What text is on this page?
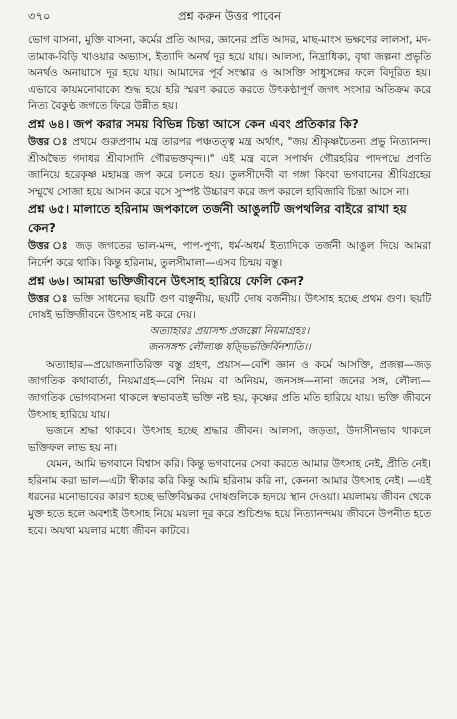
৩৭০	প্রশ্ন করুন উত্তর পাবেন

ভোগ বাসনা, মুক্তি বাসনা, কর্মের প্রতি আদর, জ্ঞানের প্রতি আদর, মাছ-মাংস ভক্ষণের লালসা, মদ-তামাক-বিড়ি খাওয়ার অভ্যাস, ইত্যাদি অনর্থ দূর হয়ে যায়। আলস্য, নিদ্রাধিক্য, বৃথা জল্পনা প্রভৃতি অনর্থও অনায়াসে দূর হয়ে যায়। আমাদের পূর্ব সংস্কার ও আসক্তি সাধুসঙ্গের ফলে বিদূরিত হয়। এভাবে কায়মনোবাক্যে শুদ্ধ হয়ে হরি স্মরণ করতে করতে উৎকণ্ঠাপূর্ণ জগৎ সংসার অতিক্রম করে নিত্য বৈকুণ্ঠ জগতে ফিরে উন্নীত হয়।

প্রশ্ন ৬৪। জপ করার সময় বিভিন্ন চিন্তা আসে কেন এবং প্রতিকার কি?

উত্তর ঃ প্রথমে গুরুপ্রণাম মন্ত্র তারপর পঞ্চতত্ত্ব মন্ত্র অর্থাৎ, "জয় শ্রীকৃষ্ণচৈতন্য প্রভু নিত্যানন্দ। শ্রীঅদ্বৈত গদাধর শ্রীবাসাদি গৌরভক্তবৃন্দ।।" এই মন্ত্র বলে সপার্ষদ গৌরহরির পাদপদ্মে প্রণতি জানিয়ে হরেকৃষ্ণ মহামন্ত্র জপ করে চলতে হয়। তুলসীদেবী বা গঙ্গা কিংবা ভগবানের শ্রীবিগ্রহের সম্মুখে সোজা হয়ে আসন করে বসে সুস্পষ্ট উচ্চারণ করে জপ করলে হাবিজাবি চিন্তা আসে না।

প্রশ্ন ৬৫। মালাতে হরিনাম জপকালে তর্জনী আঙুলটি জপথলির বাইরে রাখা হয় কেন?

উত্তর ঃ জড় জগতের ভাল-মন্দ, পাপ-পুণ্য, ধর্ম-অধর্ম ইত্যাদিকে তর্জনী আঙুল দিয়ে আমরা নির্দেশ করে থাকি। কিন্তু হরিনাম, তুলসীমালা—এসব চিন্ময় বস্তু।

প্রশ্ন ৬৬। আমরা ভক্তিজীবনে উৎসাহ হারিয়ে ফেলি কেন?

উত্তর ঃ ভক্তি সাধনের ছয়টি গুণ বাঞ্ছনীয়, ছয়টি দোষ বর্জনীয়। উৎসাহ হচ্ছে প্রথম গুণ। ছয়টি দোষই ভক্তিজীবনে উৎসাহ নষ্ট করে দেয়।

অত্যাহারঃ প্রয়াসশ্চ প্রজল্পো নিয়মাগ্রহঃ।

জনসঙ্গশ্চ লৌল্যঞ্চ ষড়্ভির্ভক্তির্বিনশ্যতি।।

অত্যাহার—প্রয়োজনাতিরিক্ত বস্তু গ্রহণ, প্রয়াস—বেশি জ্ঞান ও কর্মে আসক্তি, প্রজল্প—জড় জাগতিক কথাবার্তা, নিয়মাগ্রহ—বেশি নিয়ম বা অনিয়ম, জনসঙ্গ—নানা জনের সঙ্গ, লৌল্য—জাগতিক ভোগবাসনা থাকলে স্বভাবতই ভক্তি নষ্ট হয়, কৃষ্ণের প্রতি মতি হারিয়ে যায়। ভক্তি জীবনে উৎসাহ হারিয়ে যায়।

ভজনে শ্রদ্ধা থাকবে। উৎসাহ হচ্ছে শ্রদ্ধার জীবন। আলস্য, জড়তা, উদাসীনভাব থাকলে ভক্তিফল লাভ হয় না।

যেমন, আমি ভগবানে বিশ্বাস করি। কিন্তু ভগবানের সেবা করতে আমার উৎসাহ নেই, প্রীতি নেই। হরিনাম করা ভাল—এটা স্বীকার করি কিন্তু আমি হরিনাম করি না, কেননা আমার উৎসাহ নেই। —এই ধরনের মনোভাবের কারণ হচ্ছে ভক্তিবিঘ্নকর দোষগুলিকে হৃদয়ে স্থান দেওয়া। ময়লাময় জীবন থেকে মুক্ত হতে হলে অবশ্যই উৎসাহ নিয়ে ময়লা দূর করে শুচিশুদ্ধ হয়ে নিত্যানন্দময় জীবনে উপনীত হতে হবে। অযথা ময়লার মধ্যে জীবন কাটবে।
